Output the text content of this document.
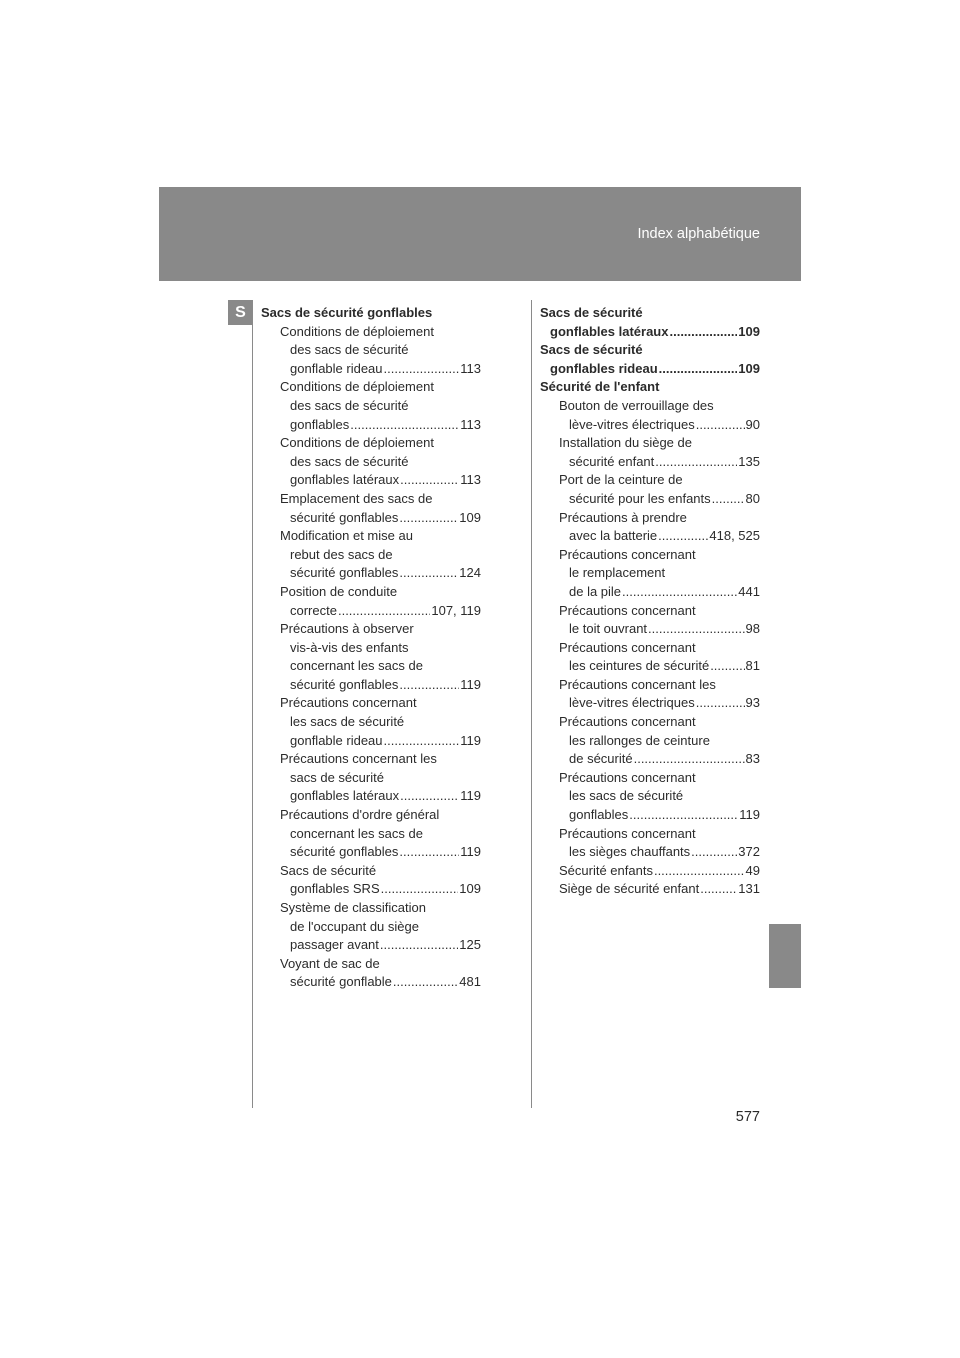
Index alphabétique
S	Sacs de sécurité gonflables
Conditions de déploiement
des sacs de sécurité
gonflable rideau .....	113
Conditions de déploiement
des sacs de sécurité
gonflables .....	113
Conditions de déploiement
des sacs de sécurité
gonflables latéraux .....	113
Emplacement des sacs de
sécurité gonflables .....	109
Modification et mise au
rebut des sacs de
sécurité gonflables .....	124
Position de conduite
correcte .....	107, 119
Précautions à observer
vis-à-vis des enfants
concernant les sacs de
sécurité gonflables .....	119
Précautions concernant
les sacs de sécurité
gonflable rideau .....	119
Précautions concernant les
sacs de sécurité
gonflables latéraux .....	119
Précautions d'ordre général
concernant les sacs de
sécurité gonflables .....	119
Sacs de sécurité
gonflables SRS .....	109
Système de classification
de l'occupant du siège
passager avant .....	125
Voyant de sac de
sécurité gonflable .....	481
Sacs de sécurité
gonflables latéraux .....	109
Sacs de sécurité
gonflables rideau .....	109
Sécurité de l'enfant
Bouton de verrouillage des
lève-vitres électriques .....	90
Installation du siège de
sécurité enfant .....	135
Port de la ceinture de
sécurité pour les enfants .....	80
Précautions à prendre
avec la batterie .....	418, 525
Précautions concernant
le remplacement
de la pile .....	441
Précautions concernant
le toit ouvrant .....	98
Précautions concernant
les ceintures de sécurité .....	81
Précautions concernant les
lève-vitres électriques .....	93
Précautions concernant
les rallonges de ceinture
de sécurité .....	83
Précautions concernant
les sacs de sécurité
gonflables .....	119
Précautions concernant
les sièges chauffants .....	372
Sécurité enfants .....	49
Siège de sécurité enfant .....	131
577
